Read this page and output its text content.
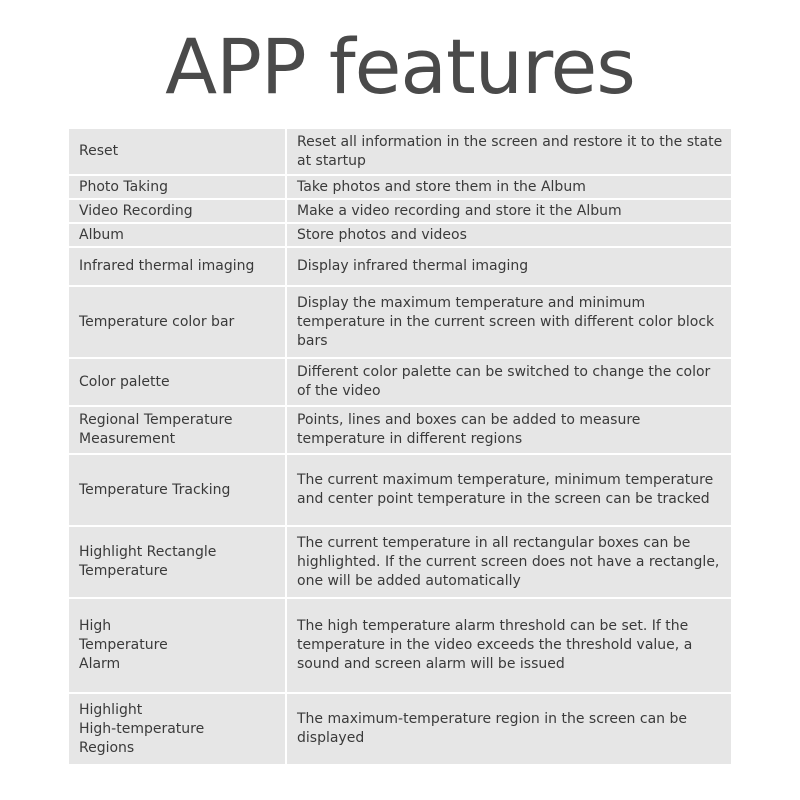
APP features
Reset	Reset all information in the screen and restore it to the state at startup
Photo Taking	Take photos and store them in the Album
Video Recording	Make a video recording and store it the Album
Album	Store photos and videos
Infrared thermal imaging	Display infrared thermal imaging
Temperature color bar	Display the maximum temperature and minimum temperature in the current screen with different color block bars
Color palette	Different color palette can be switched to change the color of the video
Regional Temperature
Measurement	Points, lines and boxes can be added to measure temperature in different regions
Temperature Tracking	The current maximum temperature, minimum temperature and center point temperature in the screen can be tracked
Highlight Rectangle
Temperature	The current temperature in all rectangular boxes can be highlighted. If the current screen does not have a rectangle, one will be added automatically
High
Temperature
Alarm	The high temperature alarm threshold can be set. If the temperature in the video exceeds the threshold value, a sound and screen alarm will be issued
Highlight
High-temperature
Regions	The maximum-temperature region in the screen can be displayed
